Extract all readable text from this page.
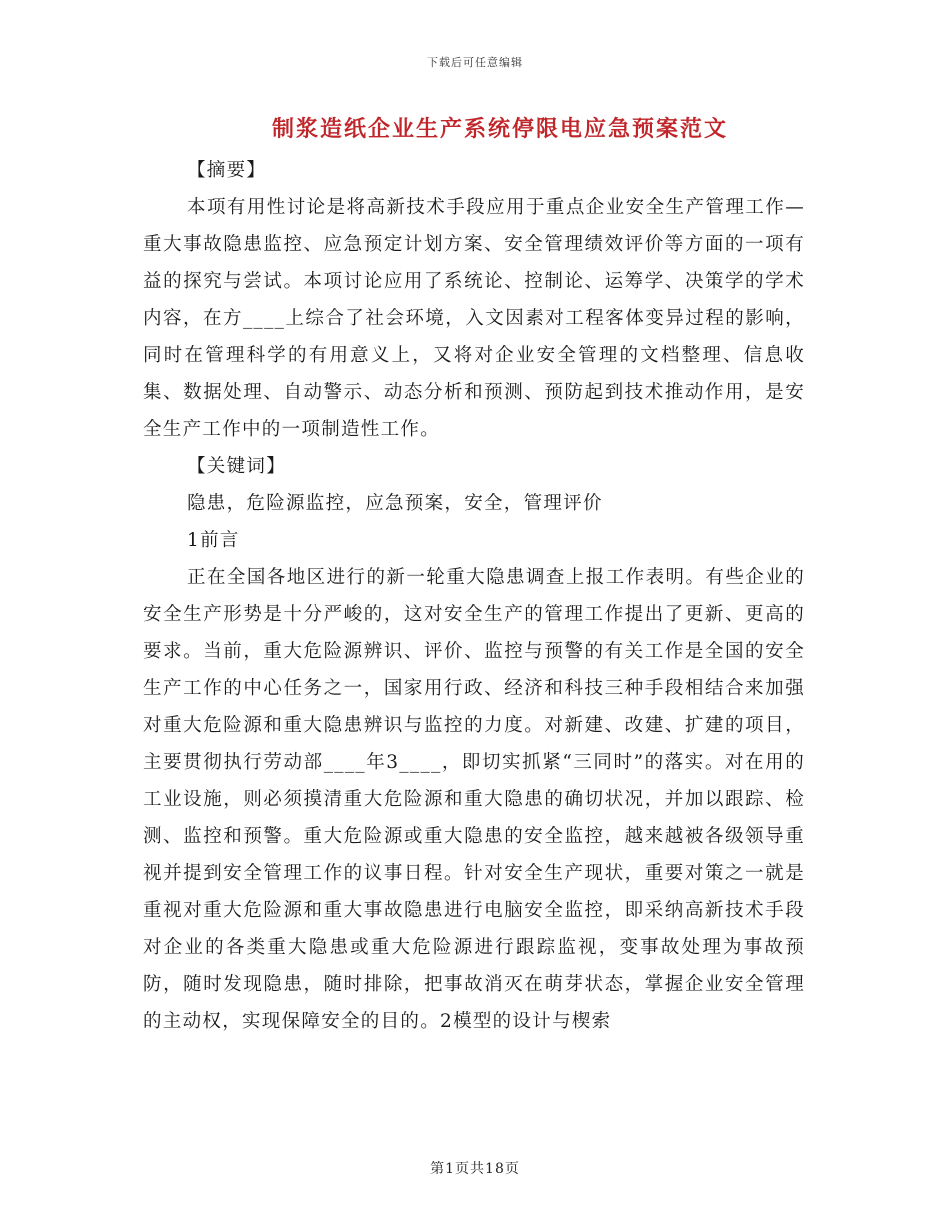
下载后可任意编辑
制浆造纸企业生产系统停限电应急预案范文

【摘要】

本项有用性讨论是将高新技术手段应用于重点企业安全生产管理工作—重大事故隐患监控、应急预定计划方案、安全管理绩效评价等方面的一项有益的探究与尝试。本项讨论应用了系统论、控制论、运筹学、决策学的学术内容，在方____上综合了社会环境，入文因素对工程客体变异过程的影响，同时在管理科学的有用意义上，又将对企业安全管理的文档整理、信息收集、数据处理、自动警示、动态分析和预测、预防起到技术推动作用，是安全生产工作中的一项制造性工作。

【关键词】

隐患，危险源监控，应急预案，安全，管理评价

1前言

正在全国各地区进行的新一轮重大隐患调查上报工作表明。有些企业的安全生产形势是十分严峻的，这对安全生产的管理工作提出了更新、更高的要求。当前，重大危险源辨识、评价、监控与预警的有关工作是全国的安全生产工作的中心任务之一，国家用行政、经济和科技三种手段相结合来加强对重大危险源和重大隐患辨识与监控的力度。对新建、改建、扩建的项目，主要贯彻执行劳动部____年3____，即切实抓紧“三同时”的落实。对在用的工业设施，则必须摸清重大危险源和重大隐患的确切状况，并加以跟踪、检测、监控和预警。重大危险源或重大隐患的安全监控，越来越被各级领导重视并提到安全管理工作的议事日程。针对安全生产现状，重要对策之一就是重视对重大危险源和重大事故隐患进行电脑安全监控，即采纳高新技术手段对企业的各类重大隐患或重大危险源进行跟踪监视，变事故处理为事故预防，随时发现隐患，随时排除，把事故消灭在萌芽状态，掌握企业安全管理的主动权，实现保障安全的目的。2模型的设计与楔索

第1页共18页
